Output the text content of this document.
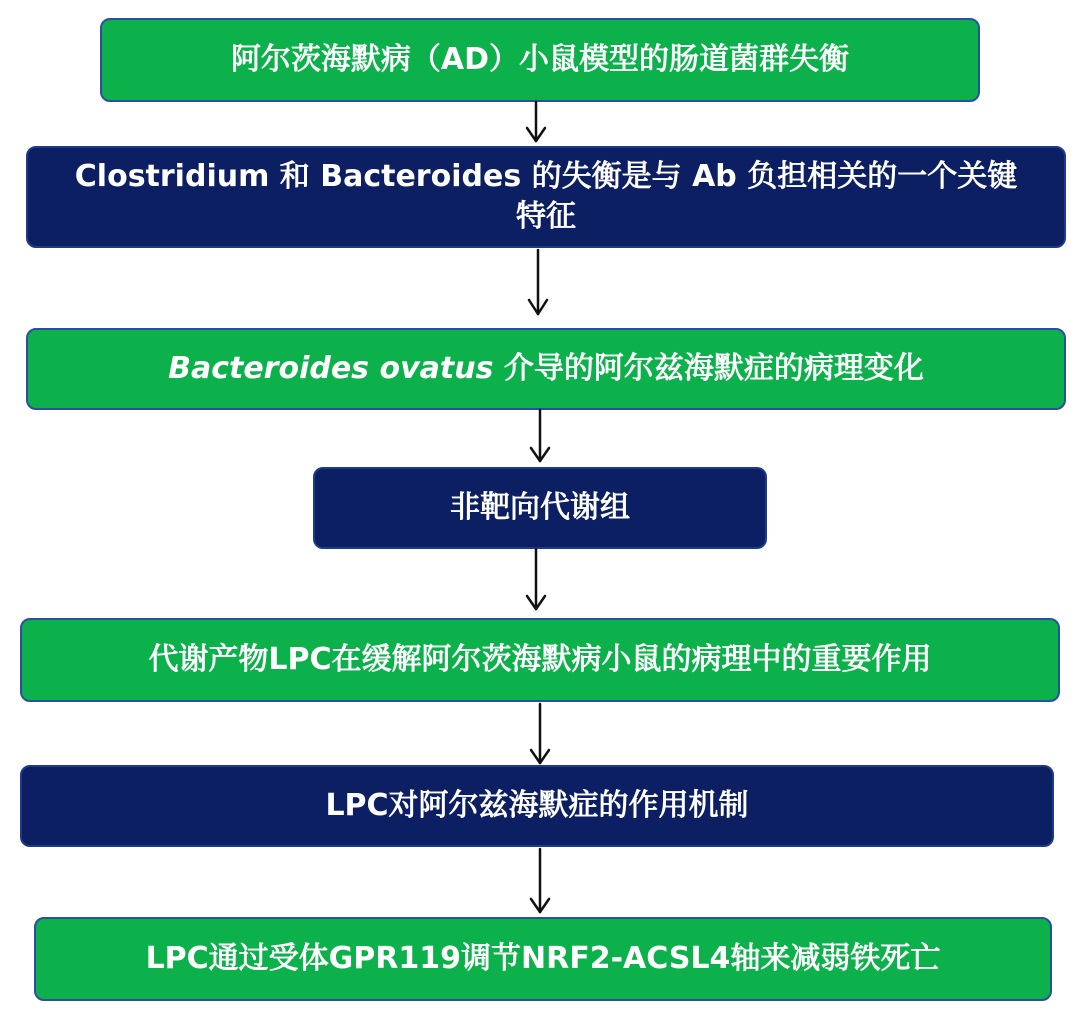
阿尔茨海默病（AD）小鼠模型的肠道菌群失衡
Clostridium 和 Bacteroides 的失衡是与 Ab 负担相关的一个关键特征
Bacteroides ovatus 介导的阿尔兹海默症的病理变化
非靶向代谢组
代谢产物LPC在缓解阿尔茨海默病小鼠的病理中的重要作用
LPC对阿尔兹海默症的作用机制
LPC通过受体GPR119调节NRF2-ACSL4轴来减弱铁死亡
